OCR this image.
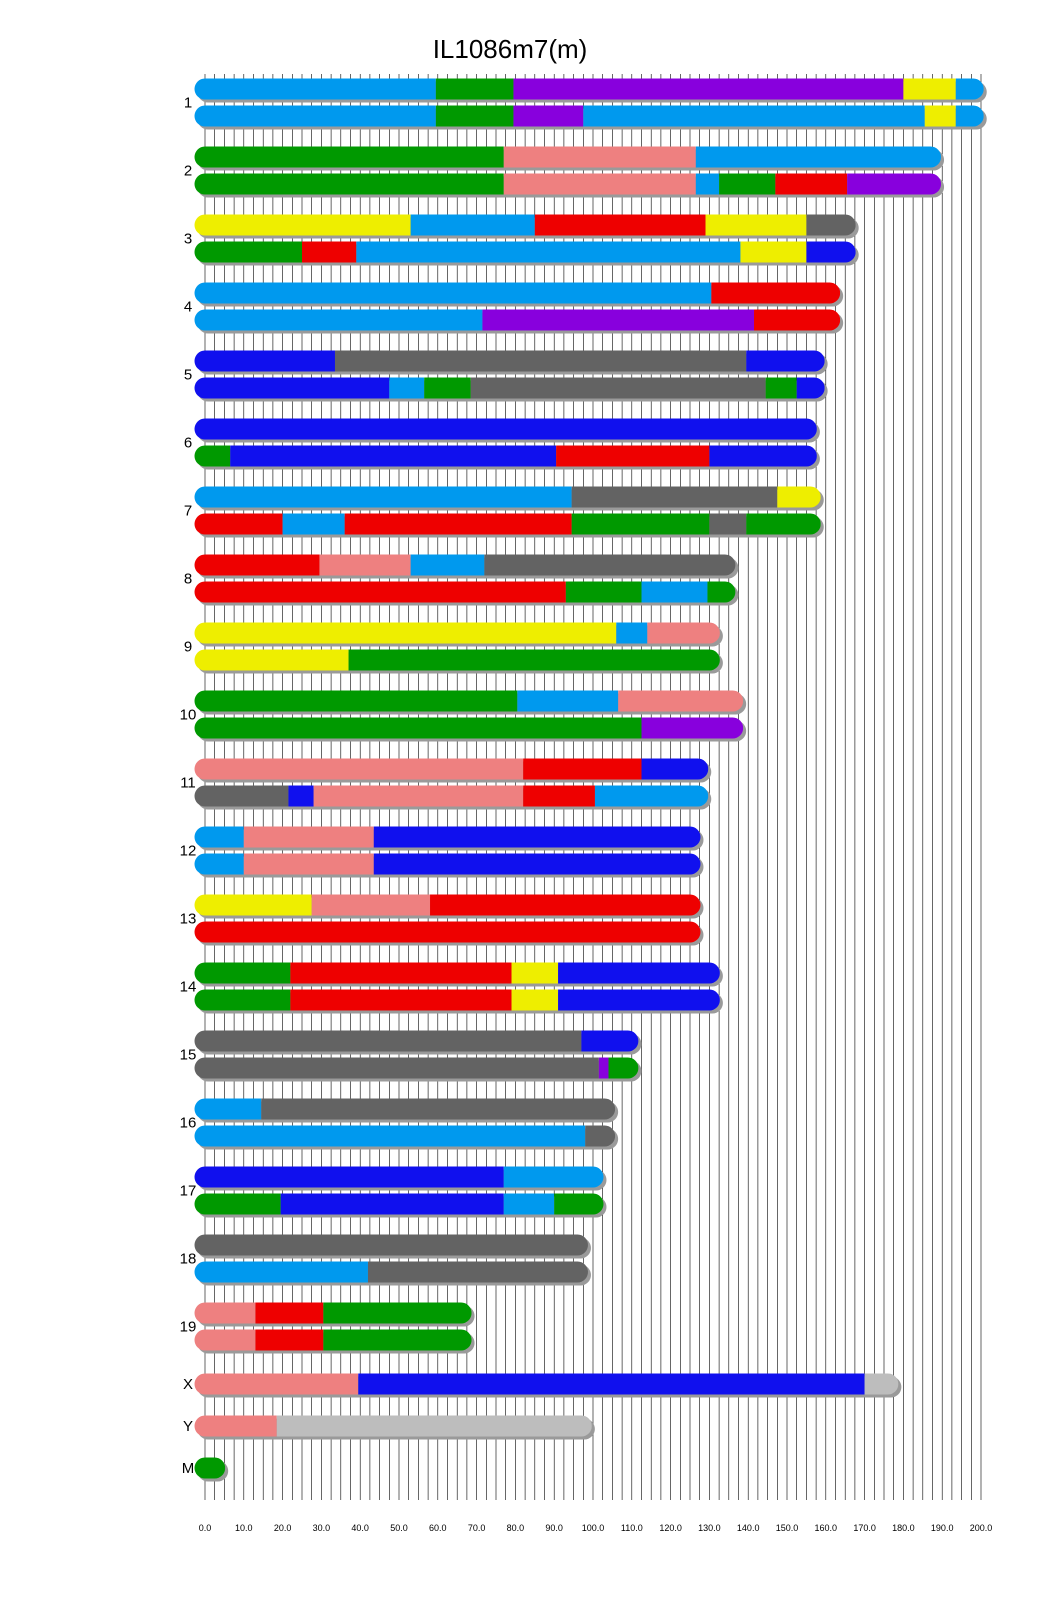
1
2
3
4
5
6
7
8
9
10
11
12
13
14
15
16
17
18
19
X
Y
M
0.0	10.0 20.0 30.0 40.0 50.0 60.0 70.0 80.0 90.0 100.0 110.0 120.0 130.0 140.0 150.0 160.0 170.0 180.0 190.0 200.0
IL1086m7(m)
